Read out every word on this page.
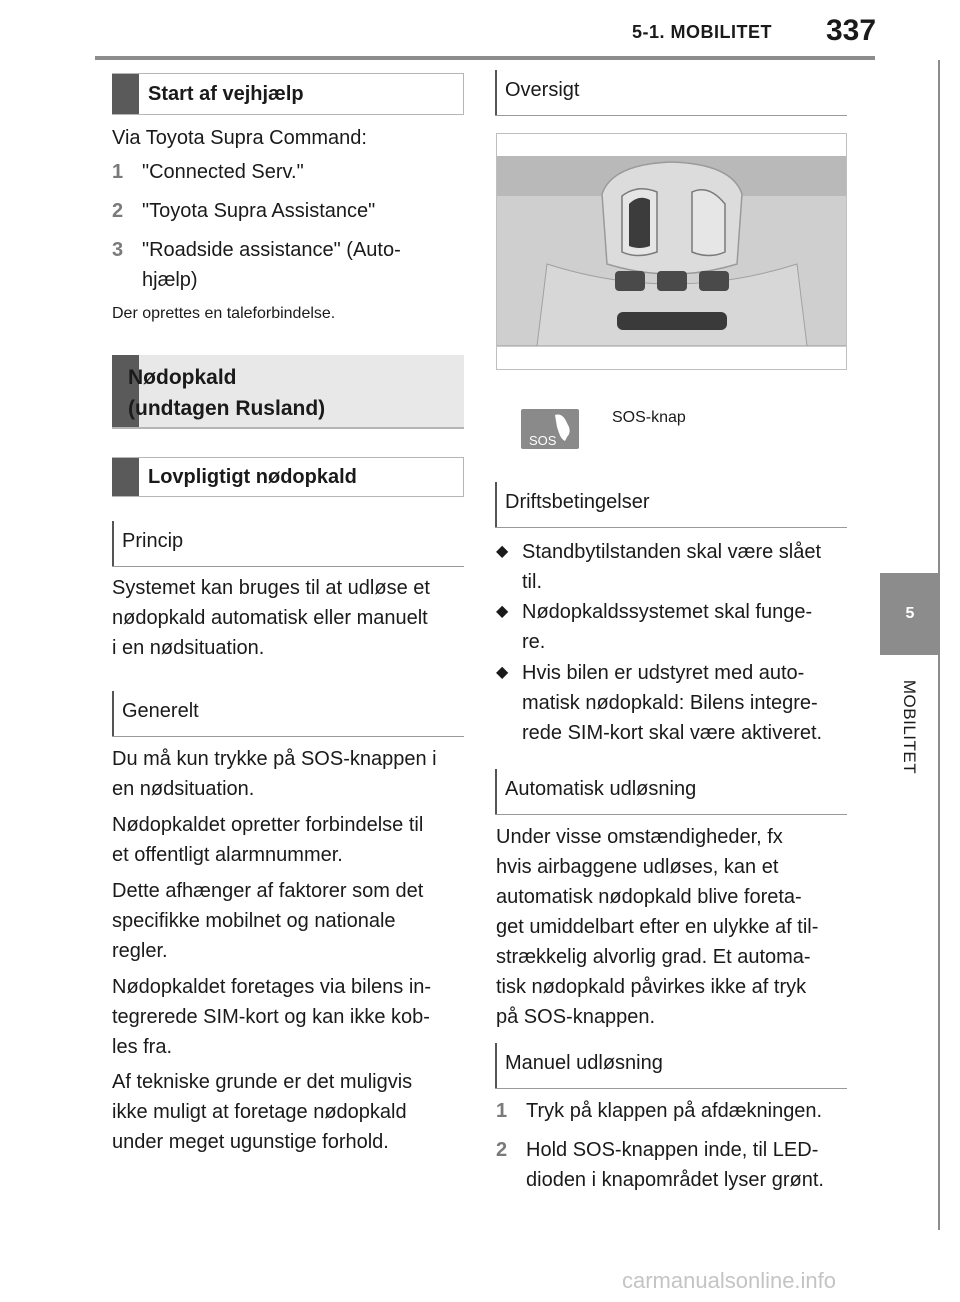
5-1. MOBILITET 337
5
MOBILITET
Start af vejhjælp
Via Toyota Supra Command:
1 "Connected Serv."
2 "Toyota Supra Assistance"
3 "Roadside assistance" (Auto-
hjælp)
Der oprettes en taleforbindelse.
Nødopkald
(undtagen Rusland)
Lovpligtigt nødopkald
Princip
Systemet kan bruges til at udløse et
nødopkald automatisk eller manuelt
i en nødsituation.
Generelt
Du må kun trykke på SOS-knappen i
en nødsituation.
Nødopkaldet opretter forbindelse til
et offentligt alarmnummer.
Dette afhænger af faktorer som det
specifikke mobilnet og nationale
regler.
Nødopkaldet foretages via bilens in-
tegrerede SIM-kort og kan ikke kob-
les fra.
Af tekniske grunde er det muligvis
ikke muligt at foretage nødopkald
under meget ugunstige forhold.
Oversigt
SOS
SOS-knap
Driftsbetingelser
◆ Standbytilstanden skal være slået
til.
◆ Nødopkaldssystemet skal funge-
re.
◆ Hvis bilen er udstyret med auto-
matisk nødopkald: Bilens integre-
rede SIM-kort skal være aktiveret.
Automatisk udløsning
Under visse omstændigheder, fx
hvis airbaggene udløses, kan et
automatisk nødopkald blive foreta-
get umiddelbart efter en ulykke af til-
strækkelig alvorlig grad. Et automa-
tisk nødopkald påvirkes ikke af tryk
på SOS-knappen.
Manuel udløsning
1 Tryk på klappen på afdækningen.
2 Hold SOS-knappen inde, til LED-
dioden i knapområdet lyser grønt.
carmanualsonline.info
